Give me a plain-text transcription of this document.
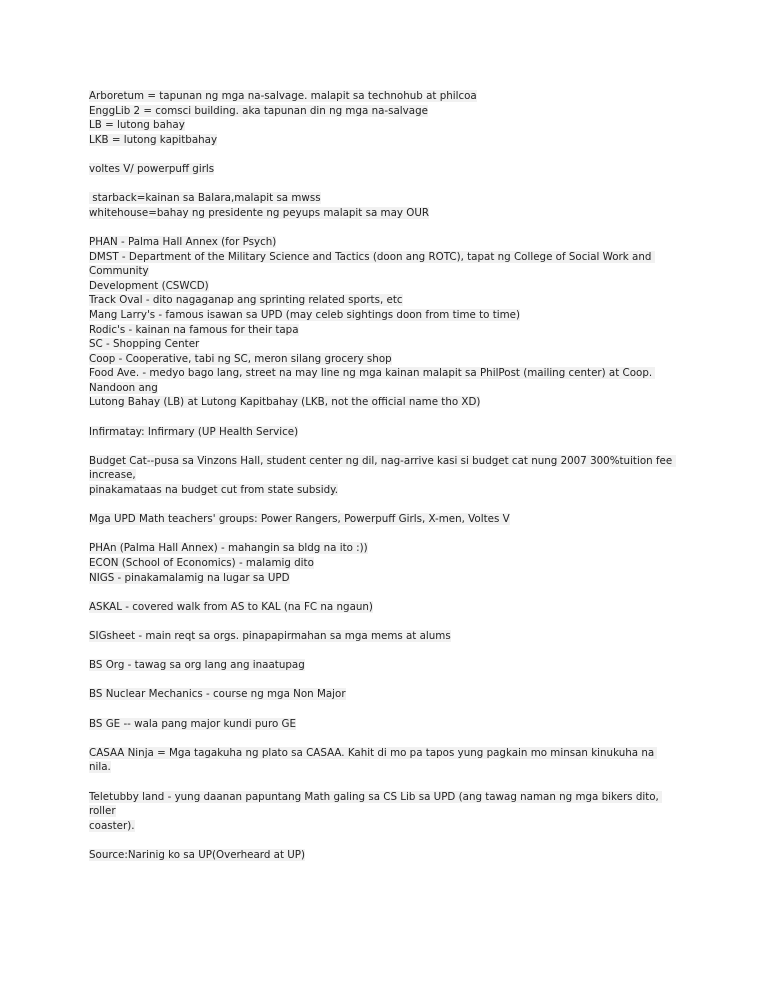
Arboretum = tapunan ng mga na-salvage. malapit sa technohub at philcoa
EnggLib 2 = comsci building. aka tapunan din ng mga na-salvage
LB = lutong bahay
LKB = lutong kapitbahay
voltes V/ powerpuff girls
starback=kainan sa Balara,malapit sa mwss
whitehouse=bahay ng presidente ng peyups malapit sa may OUR
PHAN - Palma Hall Annex (for Psych)
DMST - Department of the Military Science and Tactics (doon ang ROTC), tapat ng College of Social Work and Community
Development (CSWCD)
Track Oval - dito nagaganap ang sprinting related sports, etc
Mang Larry's - famous isawan sa UPD (may celeb sightings doon from time to time)
Rodic's - kainan na famous for their tapa
SC - Shopping Center
Coop - Cooperative, tabi ng SC, meron silang grocery shop
Food Ave. - medyo bago lang, street na may line ng mga kainan malapit sa PhilPost (mailing center) at Coop. Nandoon ang
Lutong Bahay (LB) at Lutong Kapitbahay (LKB, not the official name tho XD)
Infirmatay: Infirmary (UP Health Service)
Budget Cat--pusa sa Vinzons Hall, student center ng dil, nag-arrive kasi si budget cat nung 2007 300%tuition fee increase,
pinakamataas na budget cut from state subsidy.
Mga UPD Math teachers' groups: Power Rangers, Powerpuff Girls, X-men, Voltes V
PHAn (Palma Hall Annex) - mahangin sa bldg na ito :))
ECON (School of Economics) - malamig dito
NIGS - pinakamalamig na lugar sa UPD
ASKAL - covered walk from AS to KAL (na FC na ngaun)
SIGsheet - main reqt sa orgs. pinapapirmahan sa mga mems at alums
BS Org - tawag sa org lang ang inaatupag
BS Nuclear Mechanics - course ng mga Non Major
BS GE -- wala pang major kundi puro GE
CASAA Ninja = Mga tagakuha ng plato sa CASAA. Kahit di mo pa tapos yung pagkain mo minsan kinukuha na nila.
Teletubby land - yung daanan papuntang Math galing sa CS Lib sa UPD (ang tawag naman ng mga bikers dito, roller
coaster).
Source:Narinig ko sa UP(Overheard at UP)
